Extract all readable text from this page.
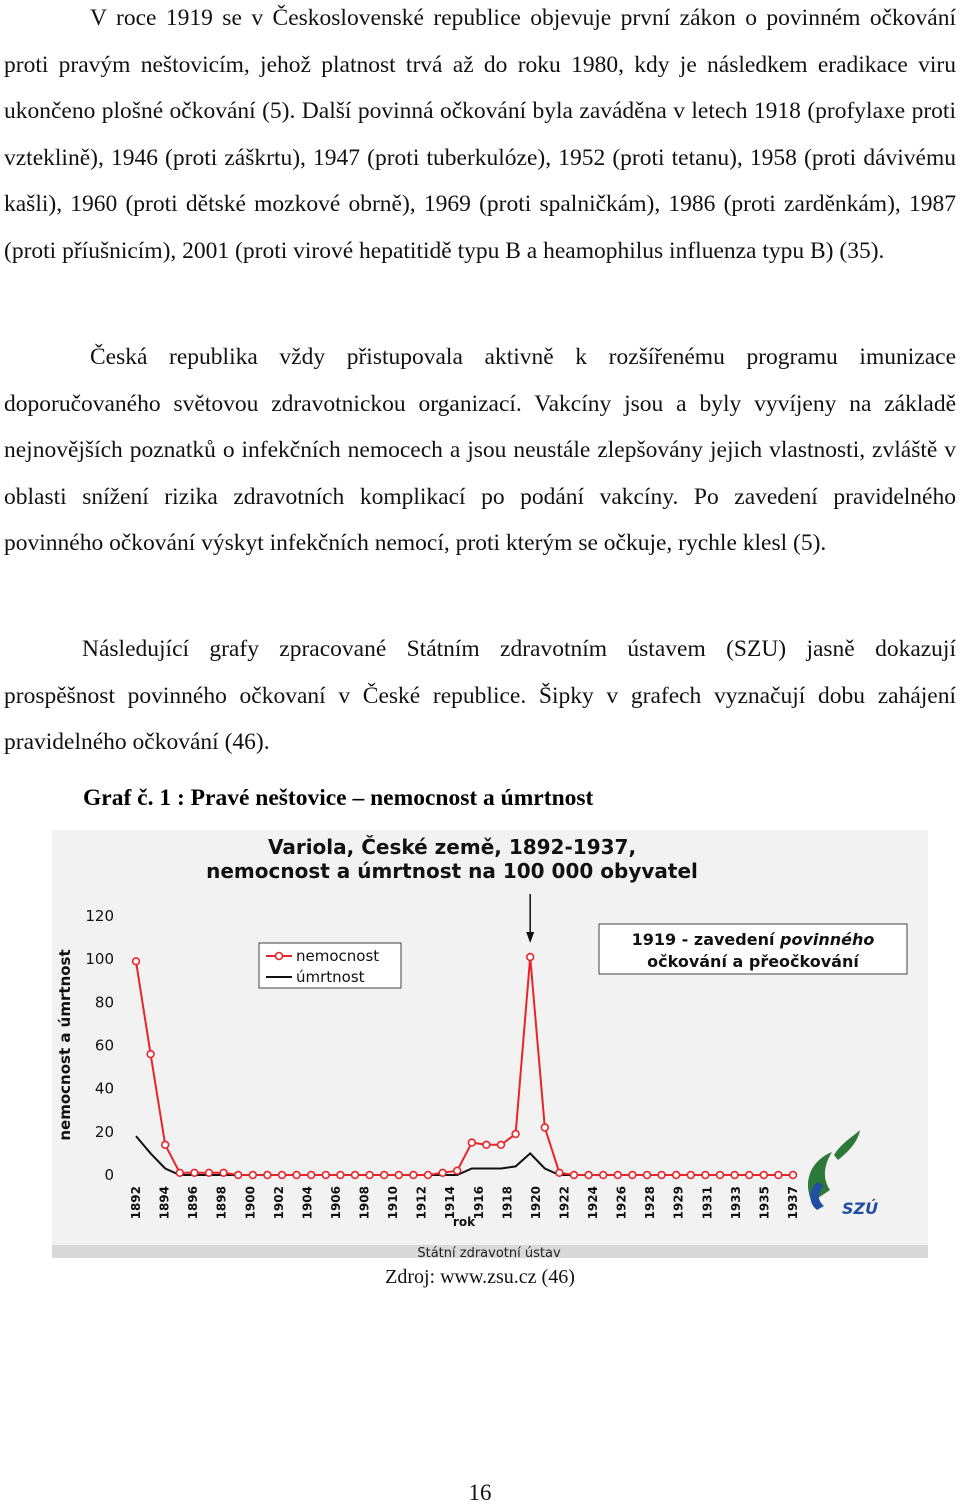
V roce 1919 se v Československé republice objevuje první zákon o povinném očkování proti pravým neštovicím, jehož platnost trvá až do roku 1980, kdy je následkem eradikace viru ukončeno plošné očkování (5). Další povinná očkování byla zaváděna v letech 1918 (profylaxe proti vzteklině), 1946 (proti záškrtu), 1947 (proti tuberkulóze), 1952 (proti tetanu), 1958 (proti dávivému kašli), 1960 (proti dětské mozkové obrně), 1969 (proti spalničkám), 1986 (proti zarděnkám), 1987 (proti příušnicím), 2001 (proti virové hepatitidě typu B a heamophilus influenza typu B) (35).
Česká republika vždy přistupovala aktivně k rozšířenému programu imunizace doporučovaného světovou zdravotnickou organizací. Vakcíny jsou a byly vyvíjeny na základě nejnovějších poznatků o infekčních nemocech a jsou neustále zlepšovány jejich vlastnosti, zvláště v oblasti snížení rizika zdravotních komplikací po podání vakcíny. Po zavedení pravidelného povinného očkování výskyt infekčních nemocí, proti kterým se očkuje, rychle klesl (5).
Následující grafy zpracované Státním zdravotním ústavem (SZU) jasně dokazují prospěšnost povinného očkovaní v České republice. Šipky v grafech vyznačují dobu zahájení pravidelného očkování (46).
Graf č. 1 : Pravé neštovice – nemocnost a úmrtnost
Variola, České země, 1892-1937,
nemocnost a úmrtnost na 100 000 obyvatel
nemocnost a úmrtnost
rok
Státní zdravotní ústav
120
100
80
60
40
20
0
1892 1894 1896 1898 1900 1902 1904 1906 1908 1910 1912 1914 1916 1918 1920 1922 1924 1926 1928 1929 1931 1933 1935 1937
nemocnost
úmrtnost
1919 - zavedení povinného
očkování a přeočkování
SZÚ
Zdroj: www.zsu.cz (46)
16
